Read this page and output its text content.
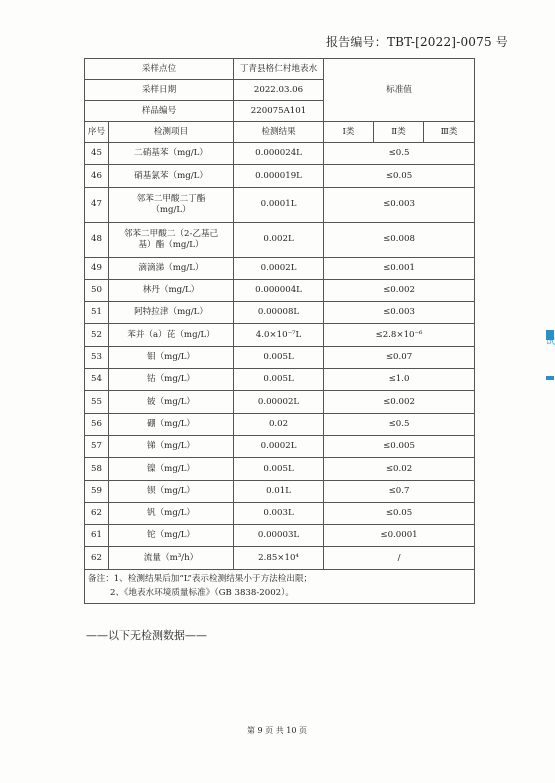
报告编号：TBT-[2022]-0075 号
采样点位		丁青县格仁村地表水	标准值		
采样日期		2022.03.06			
样品编号		220075A101			
序号	检测项目	检测结果	Ⅰ类	Ⅱ类	Ⅲ类
45	二硝基苯（mg/L）	0.000024L	≤0.5		
46	硝基氯苯（mg/L）	0.000019L	≤0.05		
47	邻苯二甲酸二丁酯（mg/L）	0.0001L	≤0.003		
48	邻苯二甲酸二（2-乙基己基）酯（mg/L）	0.002L	≤0.008		
49	滴滴涕（mg/L）	0.0002L	≤0.001		
50	林丹（mg/L）	0.000004L	≤0.002		
51	阿特拉津（mg/L）	0.00008L	≤0.003		
52	苯并（a）芘（mg/L）	4.0×10⁻⁷L	≤2.8×10⁻⁶		
53	钼（mg/L）	0.005L	≤0.07		
54	钴（mg/L）	0.005L	≤1.0		
55	铍（mg/L）	0.00002L	≤0.002		
56	硼（mg/L）	0.02	≤0.5		
57	锑（mg/L）	0.0002L	≤0.005		
58	镍（mg/L）	0.005L	≤0.02		
59	钡（mg/L）	0.01L	≤0.7		
62	钒（mg/L）	0.003L	≤0.05		
61	铊（mg/L）	0.00003L	≤0.0001		
62	流量（m³/h）	2.85×10⁴	/		

备注：1、检测结果后加“L”表示检测结果小于方法检出限；
2、《地表水环境质量标准》（GB 3838-2002）。					
——以下无检测数据——
第 9 页 共 10 页
试
